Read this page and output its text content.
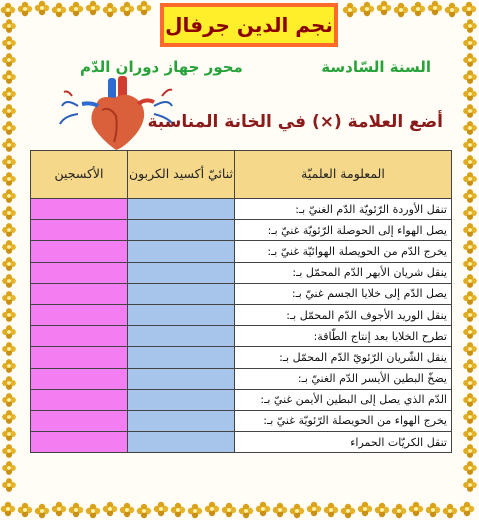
نجم الدين جرفال
السنة السّادسة
محور جهاز دوران الدّم
أضع العلامة (×) في الخانة المناسبة
المعلومة العلميّة	ثنائيّ أكسيد الكربون	الأكسجين
تنقل الأوردة الرّئويّة الدّم الغنيّ بـ:		
يصل الهواء إلى الحوصلة الرّئويّة غنيّ بـ:		
يخرج الدّم من الحويصلة الهوائيّة غنيّ بـ:		
ينقل شريان الأبهر الدّم المحمّل بـ:		
يصل الدّم إلى خلايا الجسم غنيّ بـ:		
ينقل الوريد الأجوف الدّم المحمّل بـ:		
تطرح الخلايا بعد إنتاج الطّاقة:		
ينقل الشّريان الرّئويّ الدّم المحمّل بـ:		
يضخّ البطين الأيسر الدّم الغنيّ بـ:		
الدّم الذي يصل إلى البطين الأيمن غنيّ بـ:		
يخرج الهواء من الحويصلة الرّئويّة غنيّ بـ:		
تنقل الكريّات الحمراء		
